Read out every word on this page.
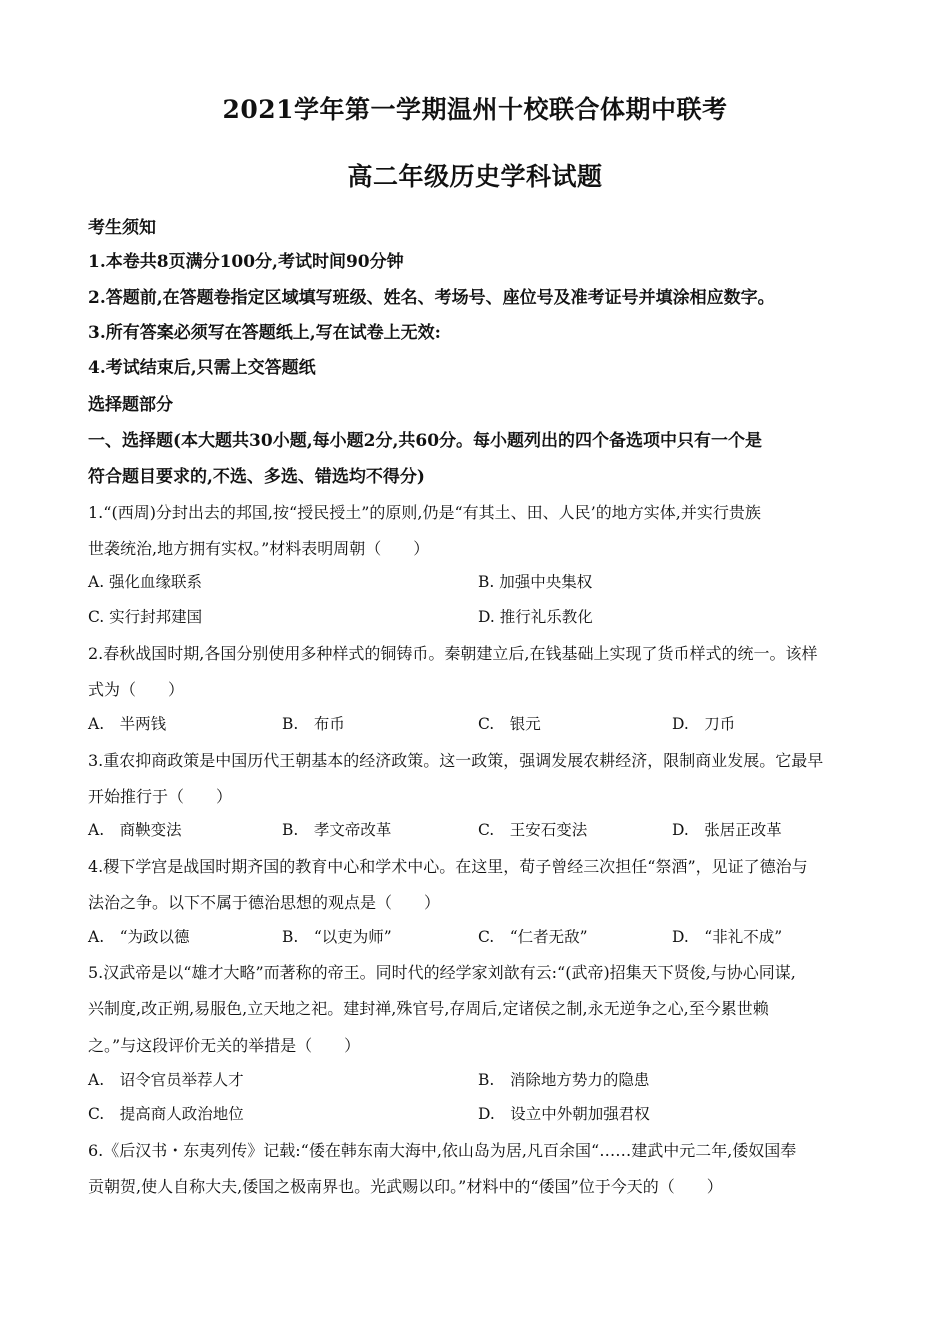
2021学年第一学期温州十校联合体期中联考
高二年级历史学科试题
考生须知
1.本卷共8页满分100分,考试时间90分钟
2.答题前,在答题卷指定区域填写班级、姓名、考场号、座位号及准考证号并填涂相应数字。
3.所有答案必须写在答题纸上,写在试卷上无效:
4.考试结束后,只需上交答题纸
选择题部分
一、选择题(本大题共30小题,每小题2分,共60分。每小题列出的四个备选项中只有一个是
符合题目要求的,不选、多选、错选均不得分)
1.“(西周)分封出去的邦国,按“授民授土”的原则,仍是“有其土、田、人民’的地方实体,并实行贵族
世袭统治,地方拥有实权。”材料表明周朝（　　）
A. 强化血缘联系	B. 加强中央集权
C. 实行封邦建国	D. 推行礼乐教化
2.春秋战国时期,各国分别使用多种样式的铜铸币。秦朝建立后,在钱基础上实现了货币样式的统一。该样
式为（　　）
A.　半两钱	B.　布币	C.　银元	D.　刀币
3.重农抑商政策是中国历代王朝基本的经济政策。这一政策，强调发展农耕经济，限制商业发展。它最早
开始推行于（　　）
A.　商鞅变法	B.　孝文帝改革	C.　王安石变法	D.　张居正改革
4.稷下学宫是战国时期齐国的教育中心和学术中心。在这里，荀子曾经三次担任“祭酒”，见证了德治与
法治之争。以下不属于德治思想的观点是（　　）
A.　“为政以德	B.　“以吏为师”	C.　“仁者无敌”	D.　“非礼不成”
5.汉武帝是以“雄才大略”而著称的帝王。同时代的经学家刘歆有云:“(武帝)招集天下贤俊,与协心同谋,
兴制度,改正朔,易服色,立天地之祀。建封禅,殊官号,存周后,定诸侯之制,永无逆争之心,至今累世赖
之。”与这段评价无关的举措是（　　）
A.　诏令官员举荐人才	B.　消除地方势力的隐患
C.　提高商人政治地位	D.　设立中外朝加强君权
6.《后汉书・东夷列传》记载:“倭在韩东南大海中,依山岛为居,凡百余国“……建武中元二年,倭奴国奉
贡朝贺,使人自称大夫,倭国之极南界也。光武赐以印。”材料中的“倭国”位于今天的（　　）
